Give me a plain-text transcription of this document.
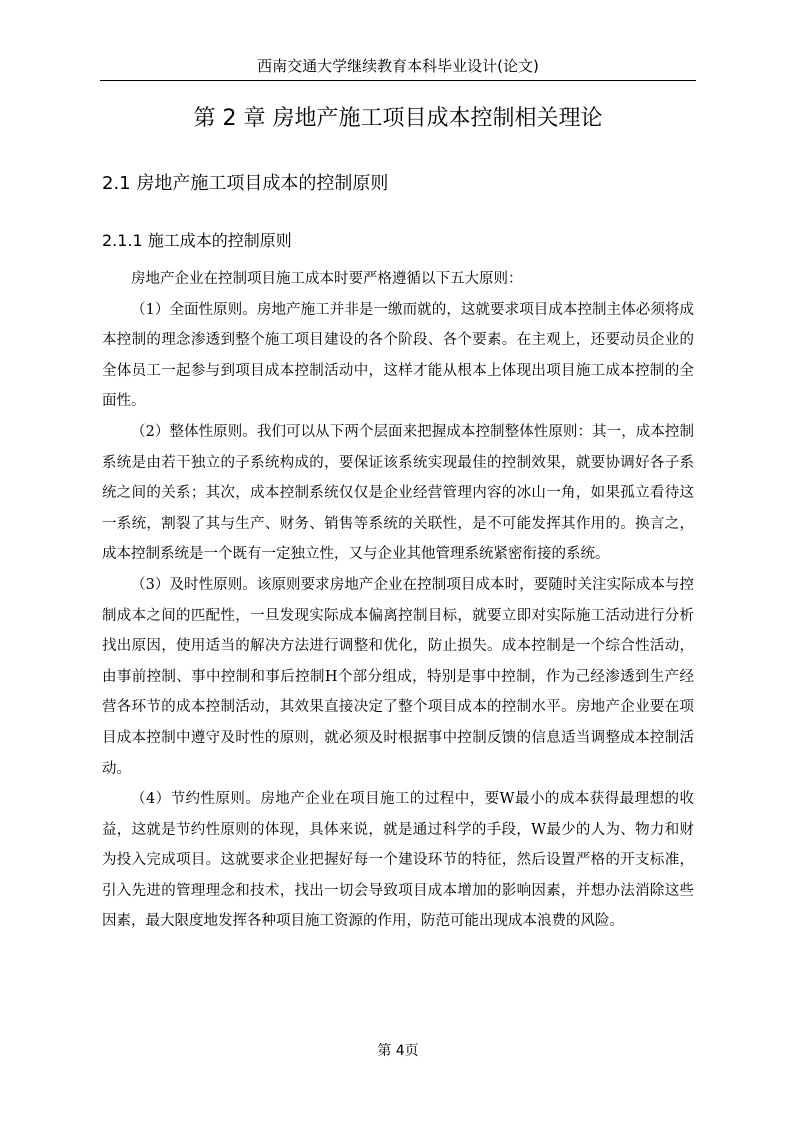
西南交通大学继续教育本科毕业设计(论文)
第 2 章 房地产施工项目成本控制相关理论
2.1 房地产施工项目成本的控制原则
2.1.1 施工成本的控制原则

房地产企业在控制项目施工成本时要严格遵循以下五大原则：

（1）全面性原则。房地产施工并非是一缴而就的，这就要求项目成本控制主体必须将成本控制的理念渗透到整个施工项目建设的各个阶段、各个要素。在主观上，还要动员企业的全体员工一起参与到项目成本控制活动中，这样才能从根本上体现出项目施工成本控制的全面性。

（2）整体性原则。我们可以从下两个层面来把握成本控制整体性原则：其一，成本控制系统是由若干独立的子系统构成的，要保证该系统实现最佳的控制效果，就要协调好各子系统之间的关系；其次，成本控制系统仅仅是企业经营管理内容的冰山一角，如果孤立看待这一系统，割裂了其与生产、财务、销售等系统的关联性，是不可能发挥其作用的。换言之，成本控制系统是一个既有一定独立性，又与企业其他管理系统紧密衔接的系统。

（3）及时性原则。该原则要求房地产企业在控制项目成本时，要随时关注实际成本与控制成本之间的匹配性，一旦发现实际成本偏离控制目标，就要立即对实际施工活动进行分析找出原因，使用适当的解决方法进行调整和优化，防止损失。成本控制是一个综合性活动，由事前控制、事中控制和事后控制H个部分组成，特别是事中控制，作为己经渗透到生产经营各环节的成本控制活动，其效果直接决定了整个项目成本的控制水平。房地产企业要在项目成本控制中遵守及时性的原则，就必须及时根据事中控制反馈的信息适当调整成本控制活动。

（4）节约性原则。房地产企业在项目施工的过程中，要W最小的成本获得最理想的收益，这就是节约性原则的体现，具体来说，就是通过科学的手段，W最少的人为、物力和财为投入完成项目。这就要求企业把握好每一个建设环节的特征，然后设置严格的开支标准，引入先进的管理理念和技术，找出一切会导致项目成本增加的影响因素，并想办法消除这些因素，最大限度地发挥各种项目施工资源的作用，防范可能出现成本浪费的风险。

第 4页
